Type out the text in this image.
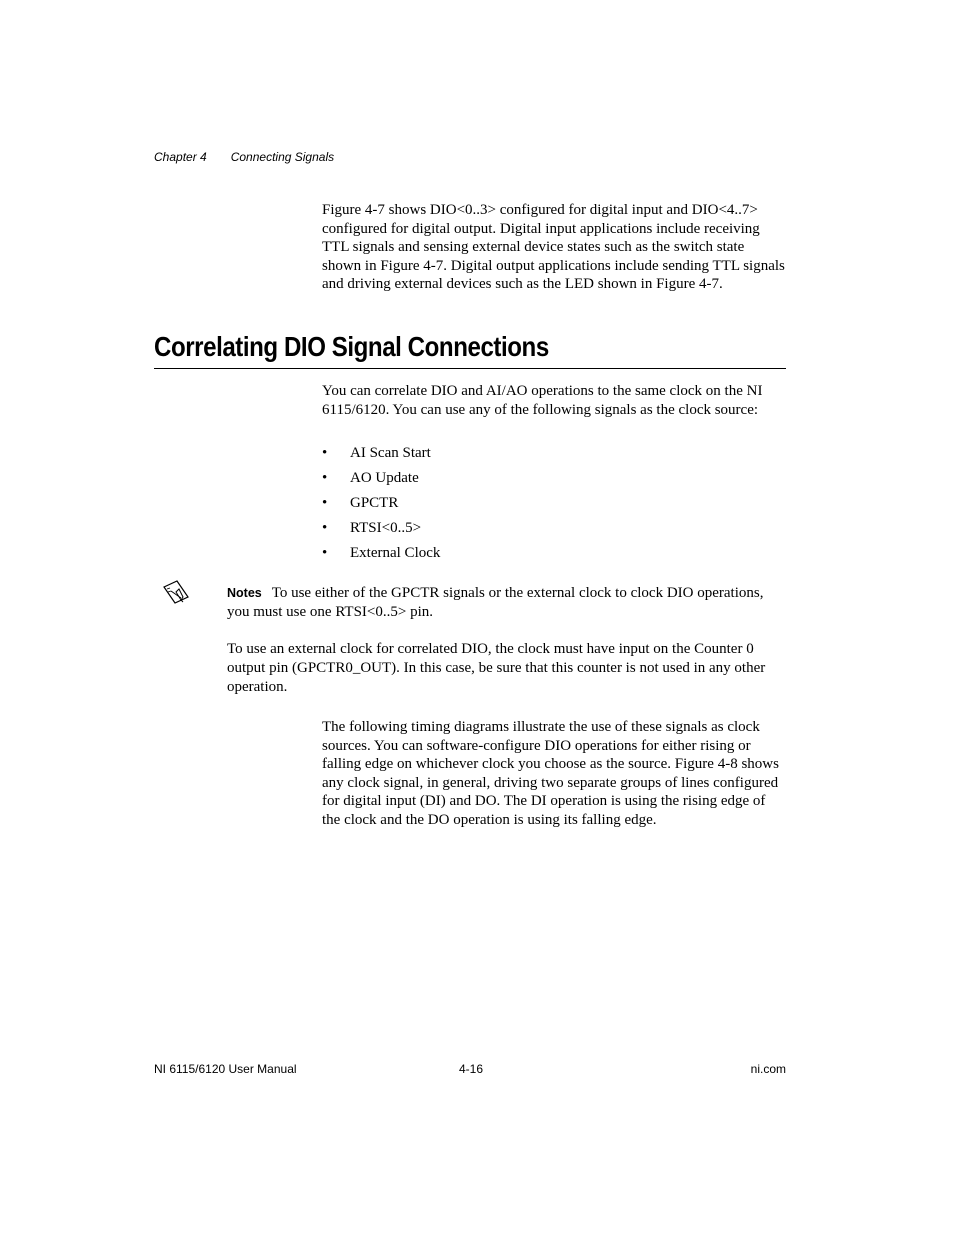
Chapter 4 Connecting Signals

Figure 4-7 shows DIO<0..3> configured for digital input and DIO<4..7> configured for digital output. Digital input applications include receiving TTL signals and sensing external device states such as the switch state shown in Figure 4-7. Digital output applications include sending TTL signals and driving external devices such as the LED shown in Figure 4-7.

Correlating DIO Signal Connections

You can correlate DIO and AI/AO operations to the same clock on the NI 6115/6120. You can use any of the following signals as the clock source:

• AI Scan Start
• AO Update
• GPCTR
• RTSI<0..5>
• External Clock

Notes To use either of the GPCTR signals or the external clock to clock DIO operations, you must use one RTSI<0..5> pin.

To use an external clock for correlated DIO, the clock must have input on the Counter 0 output pin (GPCTR0_OUT). In this case, be sure that this counter is not used in any other operation.

The following timing diagrams illustrate the use of these signals as clock sources. You can software-configure DIO operations for either rising or falling edge on whichever clock you choose as the source. Figure 4-8 shows any clock signal, in general, driving two separate groups of lines configured for digital input (DI) and DO. The DI operation is using the rising edge of the clock and the DO operation is using its falling edge.

NI 6115/6120 User Manual	4-16	ni.com
